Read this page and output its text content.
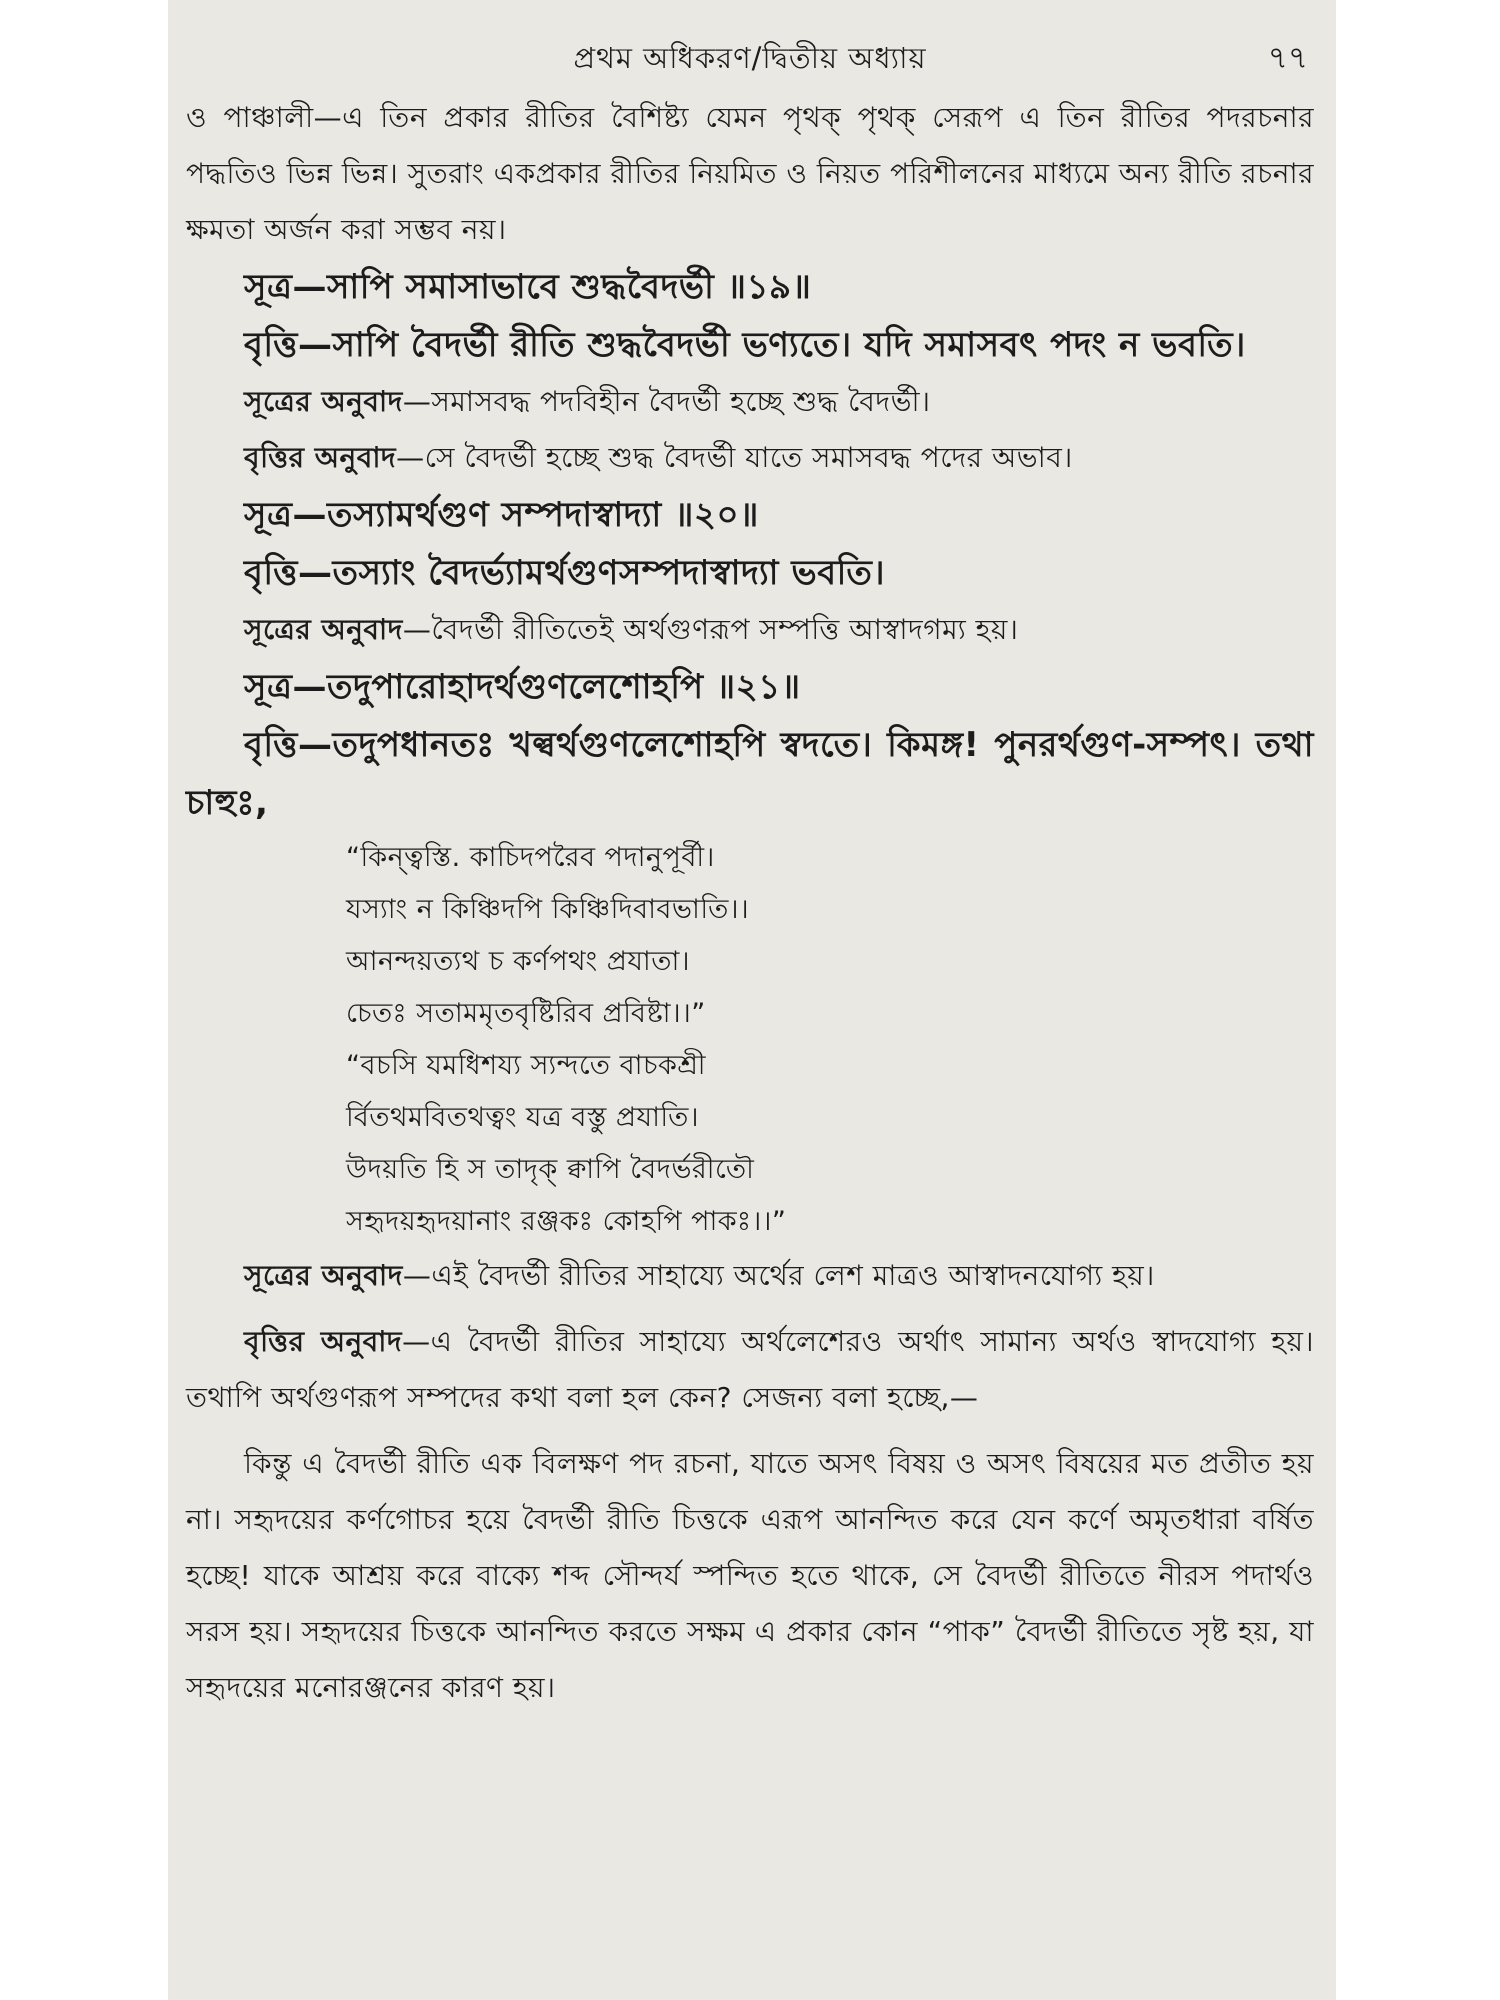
প্রথম অধিকরণ/দ্বিতীয় অধ্যায়	৭৭

ও পাঞ্চালী—এ তিন প্রকার রীতির বৈশিষ্ট্য যেমন পৃথক্ পৃথক্ সেরূপ এ তিন রীতির পদরচনার পদ্ধতিও ভিন্ন ভিন্ন। সুতরাং একপ্রকার রীতির নিয়মিত ও নিয়ত পরিশীলনের মাধ্যমে অন্য রীতি রচনার ক্ষমতা অর্জন করা সম্ভব নয়।

সূত্র—সাপি সমাসাভাবে শুদ্ধবৈদর্ভী ॥১৯॥

বৃত্তি—সাপি বৈদর্ভী রীতি শুদ্ধবৈদর্ভী ভণ্যতে। যদি সমাসবৎ পদং ন ভবতি।

সূত্রের অনুবাদ—সমাসবদ্ধ পদবিহীন বৈদর্ভী হচ্ছে শুদ্ধ বৈদর্ভী।

বৃত্তির অনুবাদ—সে বৈদর্ভী হচ্ছে শুদ্ধ বৈদর্ভী যাতে সমাসবদ্ধ পদের অভাব।

সূত্র—তস্যামর্থগুণ সম্পদাস্বাদ্যা ॥২০॥

বৃত্তি—তস্যাং বৈদর্ভ্যামর্থগুণসম্পদাস্বাদ্যা ভবতি।

সূত্রের অনুবাদ—বৈদর্ভী রীতিতেই অর্থগুণরূপ সম্পত্তি আস্বাদগম্য হয়।

সূত্র—তদুপারোহাদর্থগুণলেশোহপি ॥২১॥

বৃত্তি—তদুপধানতঃ খল্বর্থগুণলেশোহপি স্বদতে। কিমঙ্গ! পুনরর্থগুণ-সম্পৎ। তথা চাহুঃ,

“কিন্ত্বস্তি. কাচিদপরৈব পদানুপূর্বী।
যস্যাং ন কিঞ্চিদপি কিঞ্চিদিবাবভাতি।।
আনন্দয়ত্যথ চ কর্ণপথং প্রযাতা।
চেতঃ সতামমৃতবৃষ্টিরিব প্রবিষ্টা।।”
“বচসি যমধিশয্য স্যন্দতে বাচকশ্রী
র্বিতথমবিতথত্বং যত্র বস্তু প্রযাতি।
উদয়তি হি স তাদৃক্ ক্বাপি বৈদর্ভরীতৌ
সহৃদয়হৃদয়ানাং রঞ্জকঃ কোহপি পাকঃ।।”

সূত্রের অনুবাদ—এই বৈদর্ভী রীতির সাহায্যে অর্থের লেশ মাত্রও আস্বাদনযোগ্য হয়।

বৃত্তির অনুবাদ—এ বৈদর্ভী রীতির সাহায্যে অর্থলেশেরও অর্থাৎ সামান্য অর্থও স্বাদযোগ্য হয়। তথাপি অর্থগুণরূপ সম্পদের কথা বলা হল কেন? সেজন্য বলা হচ্ছে,—

কিন্তু এ বৈদর্ভী রীতি এক বিলক্ষণ পদ রচনা, যাতে অসৎ বিষয় ও অসৎ বিষয়ের মত প্রতীত হয় না। সহৃদয়ের কর্ণগোচর হয়ে বৈদর্ভী রীতি চিত্তকে এরূপ আনন্দিত করে যেন কর্ণে অমৃতধারা বর্ষিত হচ্ছে! যাকে আশ্রয় করে বাক্যে শব্দ সৌন্দর্য স্পন্দিত হতে থাকে, সে বৈদর্ভী রীতিতে নীরস পদার্থও সরস হয়। সহৃদয়ের চিত্তকে আনন্দিত করতে সক্ষম এ প্রকার কোন “পাক” বৈদর্ভী রীতিতে সৃষ্ট হয়, যা সহৃদয়ের মনোরঞ্জনের কারণ হয়।
